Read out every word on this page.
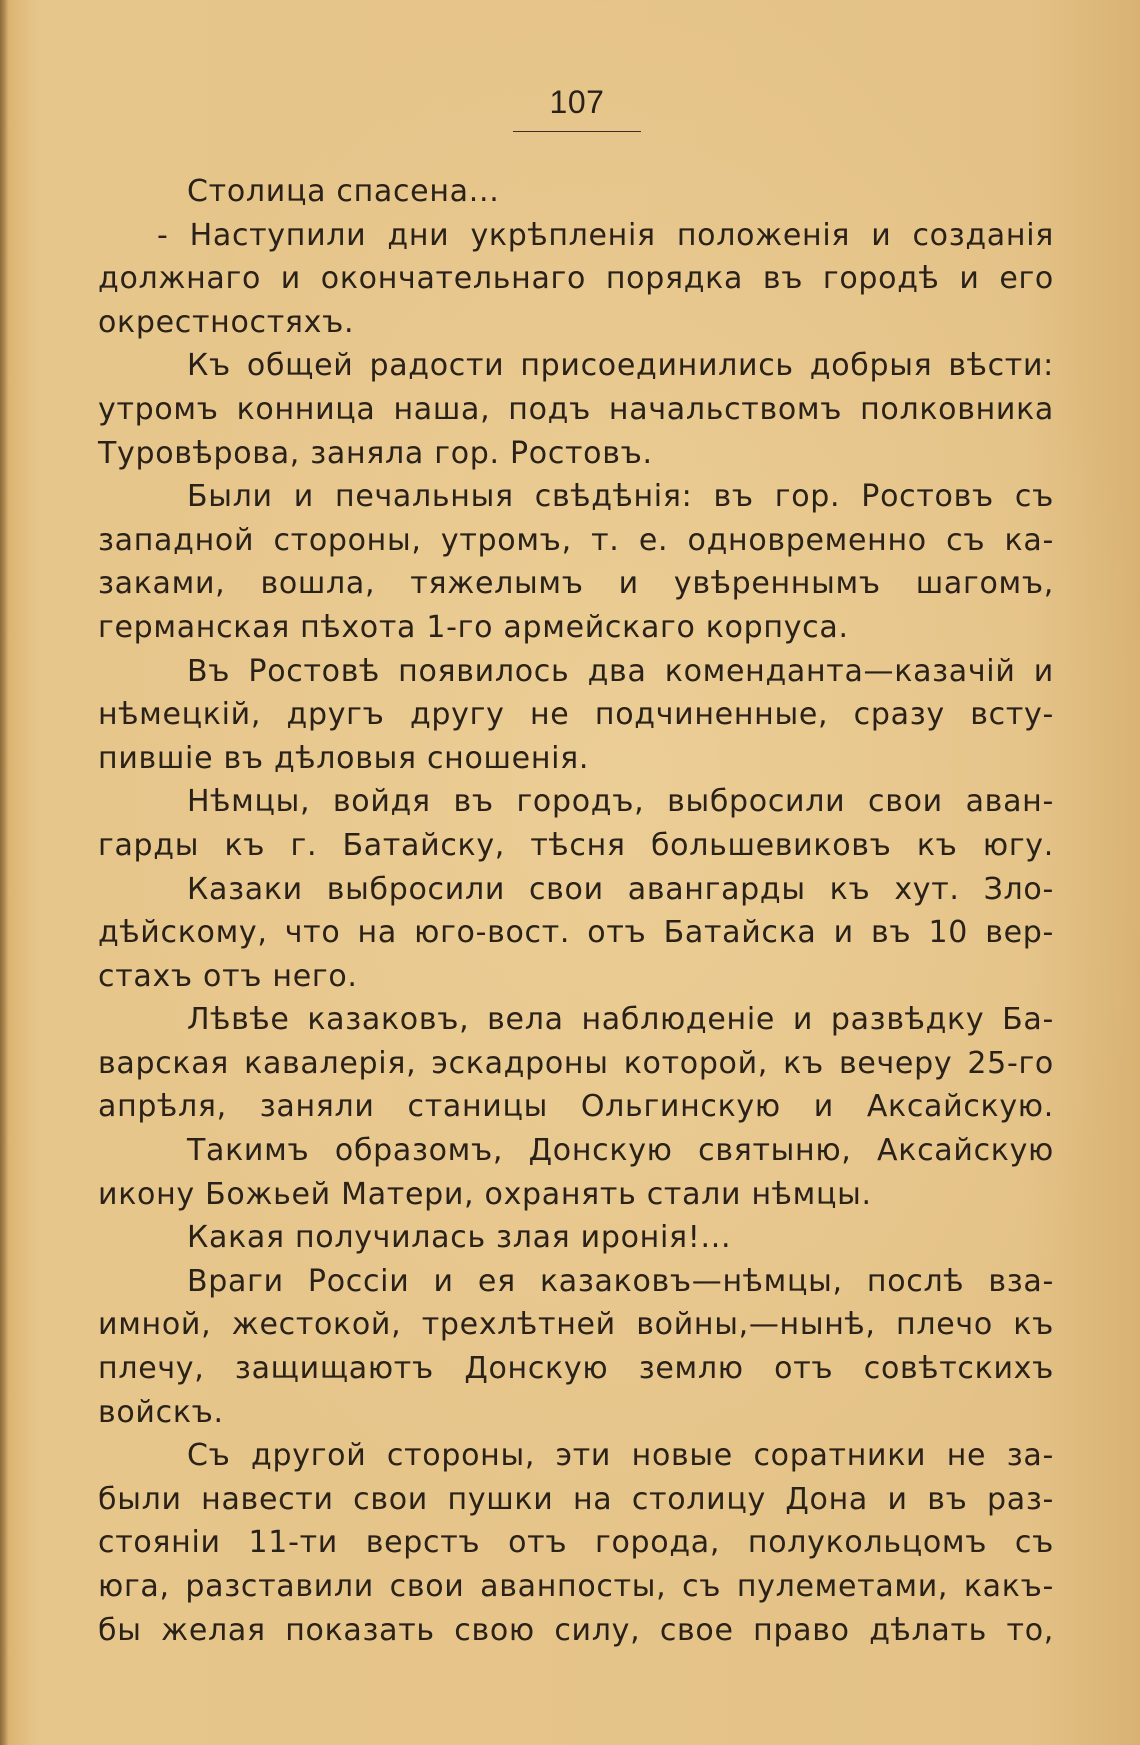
107
Столица спасена...
- Наступили дни укрѣпленія положенія и созданія
должнаго и окончательнаго порядка въ городѣ и его
окрестностяхъ.
Къ общей радости присоединились добрыя вѣсти:
утромъ конница наша, подъ начальствомъ полковника
Туровѣрова, заняла гор. Ростовъ.
Были и печальныя свѣдѣнія: въ гор. Ростовъ съ
западной стороны, утромъ, т. е. одновременно съ ка-
заками, вошла, тяжелымъ и увѣреннымъ шагомъ,
германская пѣхота 1-го армейскаго корпуса.
Въ Ростовѣ появилось два коменданта—казачій и
нѣмецкій, другъ другу не подчиненные, сразу всту-
пившіе въ дѣловыя сношенія.
Нѣмцы, войдя въ городъ, выбросили свои аван-
гарды къ г. Батайску, тѣсня большевиковъ къ югу.
Казаки выбросили свои авангарды къ хут. Зло-
дѣйскому, что на юго-вост. отъ Батайска и въ 10 вер-
стахъ отъ него.
Лѣвѣе казаковъ, вела наблюденіе и развѣдку Ба-
варская кавалерія, эскадроны которой, къ вечеру 25-го
апрѣля, заняли станицы Ольгинскую и Аксайскую.
Такимъ образомъ, Донскую святыню, Аксайскую
икону Божьей Матери, охранять стали нѣмцы.
Какая получилась злая иронія!...
Враги Россіи и ея казаковъ—нѣмцы, послѣ вза-
имной, жестокой, трехлѣтней войны,—нынѣ, плечо къ
плечу, защищаютъ Донскую землю отъ совѣтскихъ
войскъ.
Съ другой стороны, эти новые соратники не за-
были навести свои пушки на столицу Дона и въ раз-
стояніи 11-ти верстъ отъ города, полукольцомъ съ
юга, разставили свои аванпосты, съ пулеметами, какъ-
бы желая показать свою силу, свое право дѣлать то,
